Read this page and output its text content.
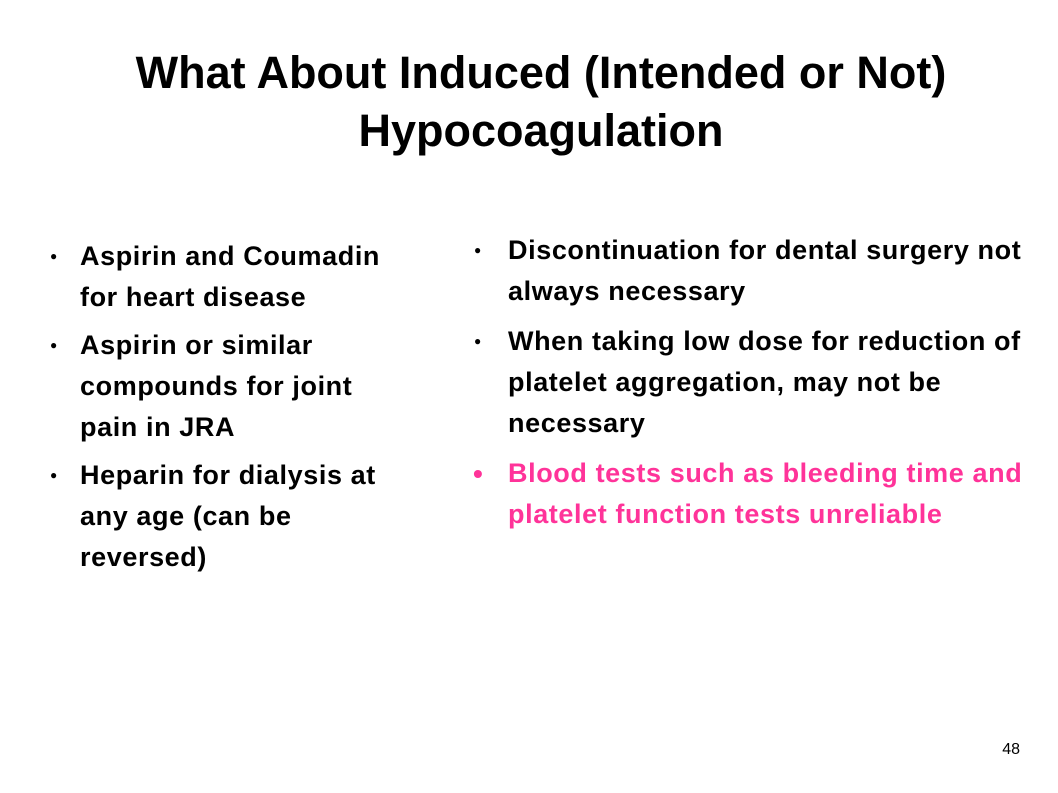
What About Induced (Intended or Not) Hypocoagulation
● Aspirin and Coumadin for heart disease
● Aspirin or similar compounds for joint pain in JRA
● Heparin for dialysis at any age (can be reversed)
● Discontinuation for dental surgery not always necessary
● When taking low dose for reduction of platelet aggregation, may not be necessary
• Blood tests such as bleeding time and platelet function tests unreliable
48
